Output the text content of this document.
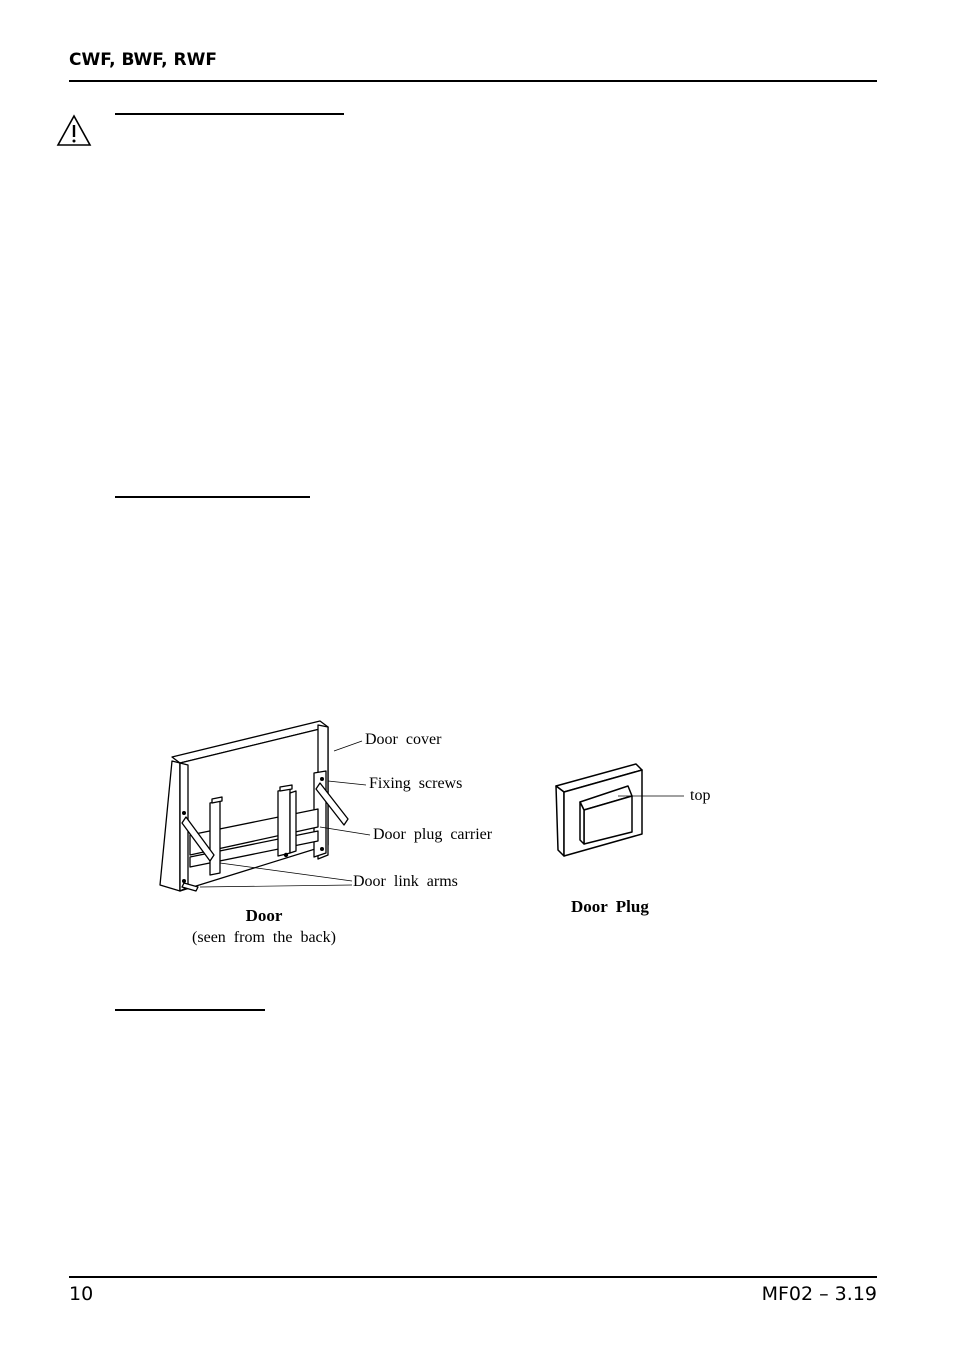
CWF, BWF, RWF
Door cover
Fixing screws
Door plug carrier
Door link arms
Door
(seen from the back)
top
Door Plug
10	MF02 – 3.19
